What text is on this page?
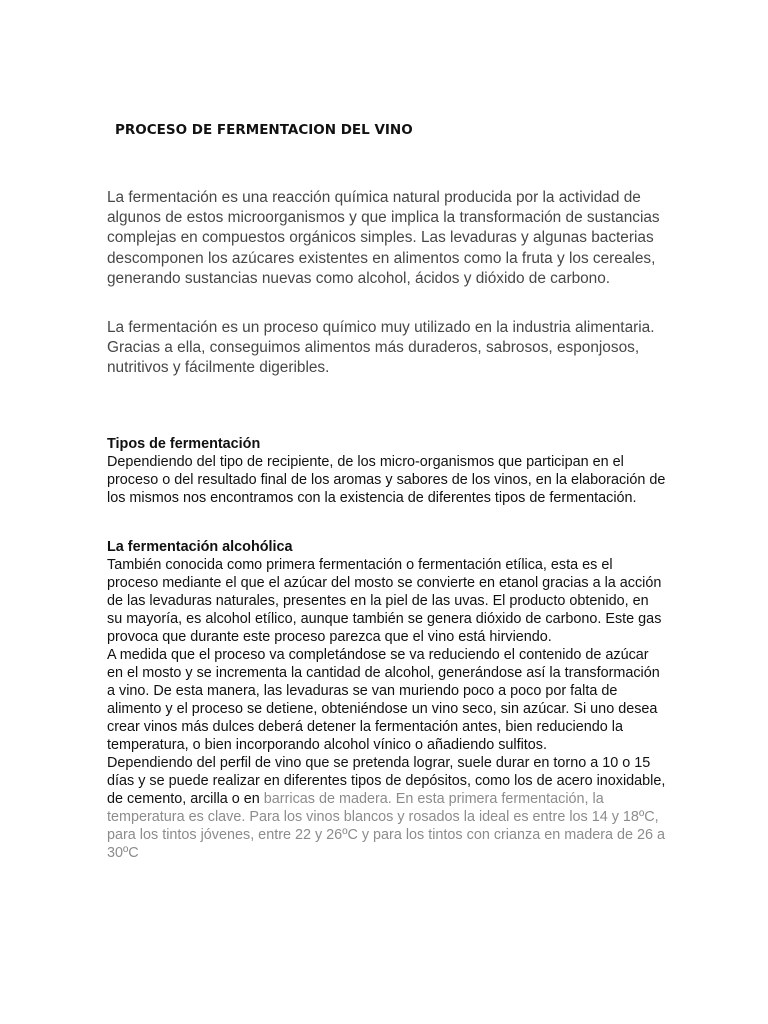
PROCESO DE FERMENTACION DEL VINO

La fermentación es una reacción química natural producida por la actividad de algunos de estos microorganismos y que implica la transformación de sustancias complejas en compuestos orgánicos simples. Las levaduras y algunas bacterias descomponen los azúcares existentes en alimentos como la fruta y los cereales, generando sustancias nuevas como alcohol, ácidos y dióxido de carbono.

La fermentación es un proceso químico muy utilizado en la industria alimentaria. Gracias a ella, conseguimos alimentos más duraderos, sabrosos, esponjosos, nutritivos y fácilmente digeribles.

Tipos de fermentación
Dependiendo del tipo de recipiente, de los micro-organismos que participan en el proceso o del resultado final de los aromas y sabores de los vinos, en la elaboración de los mismos nos encontramos con la existencia de diferentes tipos de fermentación.
La fermentación alcohólica
También conocida como primera fermentación o fermentación etílica, esta es el proceso mediante el que el azúcar del mosto se convierte en etanol gracias a la acción de las levaduras naturales, presentes en la piel de las uvas. El producto obtenido, en su mayoría, es alcohol etílico, aunque también se genera dióxido de carbono. Este gas provoca que durante este proceso parezca que el vino está hirviendo.
A medida que el proceso va completándose se va reduciendo el contenido de azúcar en el mosto y se incrementa la cantidad de alcohol, generándose así la transformación a vino. De esta manera, las levaduras se van muriendo poco a poco por falta de alimento y el proceso se detiene, obteniéndose un vino seco, sin azúcar. Si uno desea crear vinos más dulces deberá detener la fermentación antes, bien reduciendo la temperatura, o bien incorporando alcohol vínico o añadiendo sulfitos.
Dependiendo del perfil de vino que se pretenda lograr, suele durar en torno a 10 o 15 días y se puede realizar en diferentes tipos de depósitos, como los de acero inoxidable, de cemento, arcilla o en barricas de madera. En esta primera fermentación, la temperatura es clave. Para los vinos blancos y rosados la ideal es entre los 14 y 18ºC, para los tintos jóvenes, entre 22 y 26ºC y para los tintos con crianza en madera de 26 a 30ºC
